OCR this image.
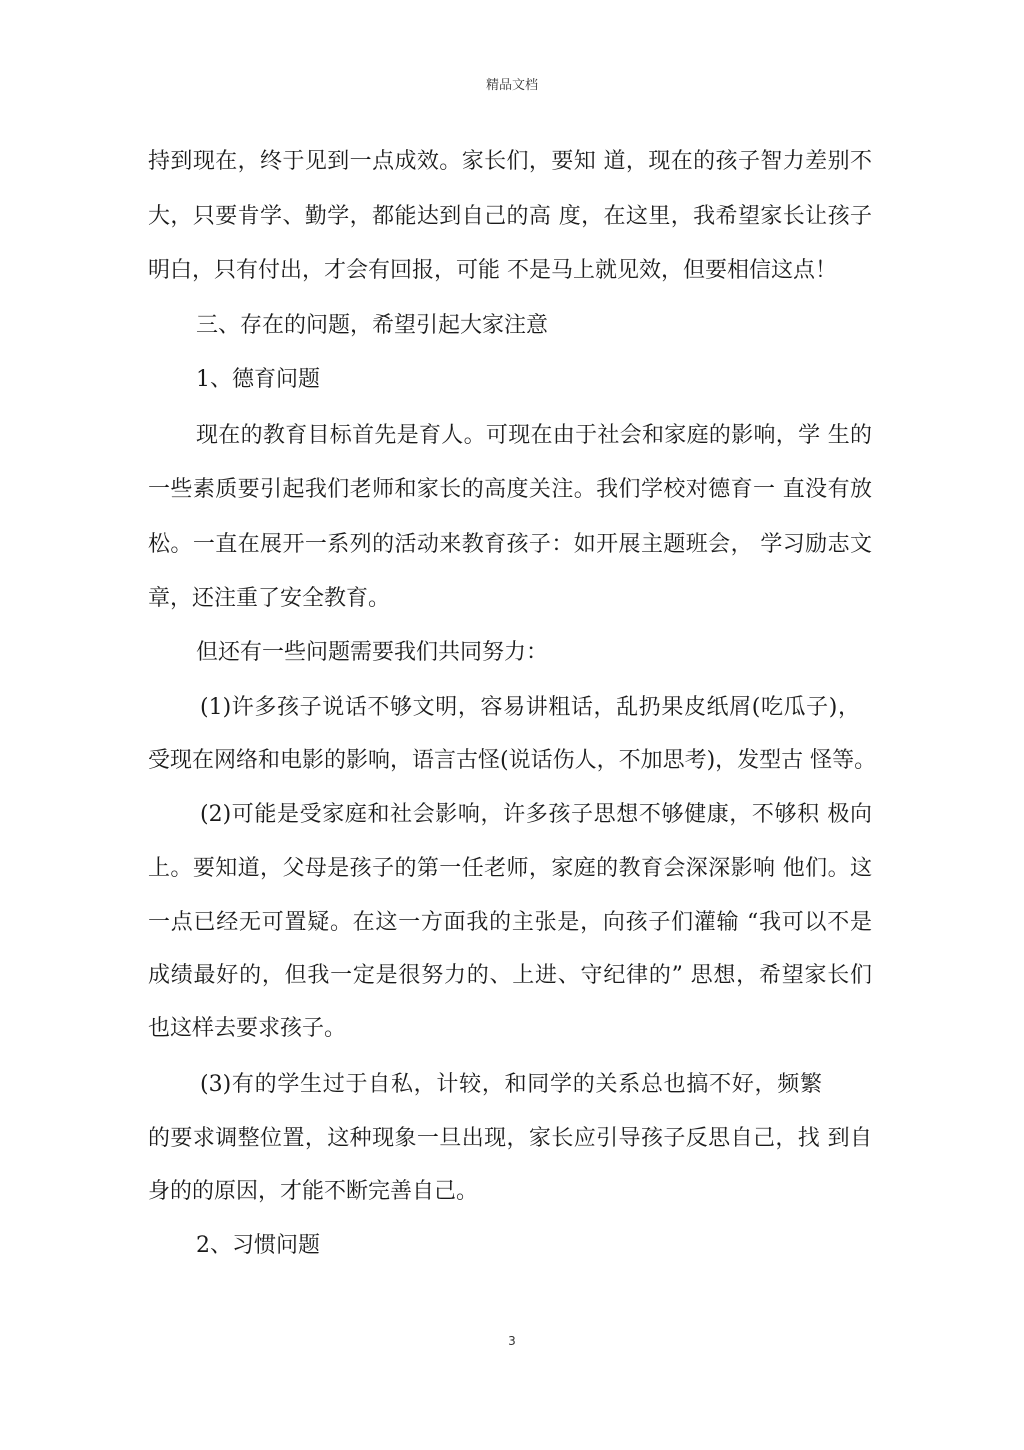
精品文档
持到现在，终于见到一点成效。家长们，要知 道，现在的孩子智力差别不
大，只要肯学、勤学，都能达到自己的高 度，在这里，我希望家长让孩子
明白，只有付出，才会有回报，可能 不是马上就见效，但要相信这点！
三、存在的问题，希望引起大家注意
1、德育问题
现在的教育目标首先是育人。可现在由于社会和家庭的影响，学 生的
一些素质要引起我们老师和家长的高度关注。我们学校对德育一 直没有放
松。一直在展开一系列的活动来教育孩子：如开展主题班会， 学习励志文
章，还注重了安全教育。
但还有一些问题需要我们共同努力：
(1)许多孩子说话不够文明，容易讲粗话，乱扔果皮纸屑(吃瓜子)，
受现在网络和电影的影响，语言古怪(说话伤人，不加思考)，发型古 怪等。
(2)可能是受家庭和社会影响，许多孩子思想不够健康，不够积 极向
上。要知道，父母是孩子的第一任老师，家庭的教育会深深影响 他们。这
一点已经无可置疑。在这一方面我的主张是，向孩子们灌输 “我可以不是
成绩最好的，但我一定是很努力的、上进、守纪律的” 思想，希望家长们
也这样去要求孩子。
(3)有的学生过于自私，计较，和同学的关系总也搞不好，频繁
的要求调整位置，这种现象一旦出现，家长应引导孩子反思自己，找 到自
身的的原因，才能不断完善自己。
2、习惯问题
3
